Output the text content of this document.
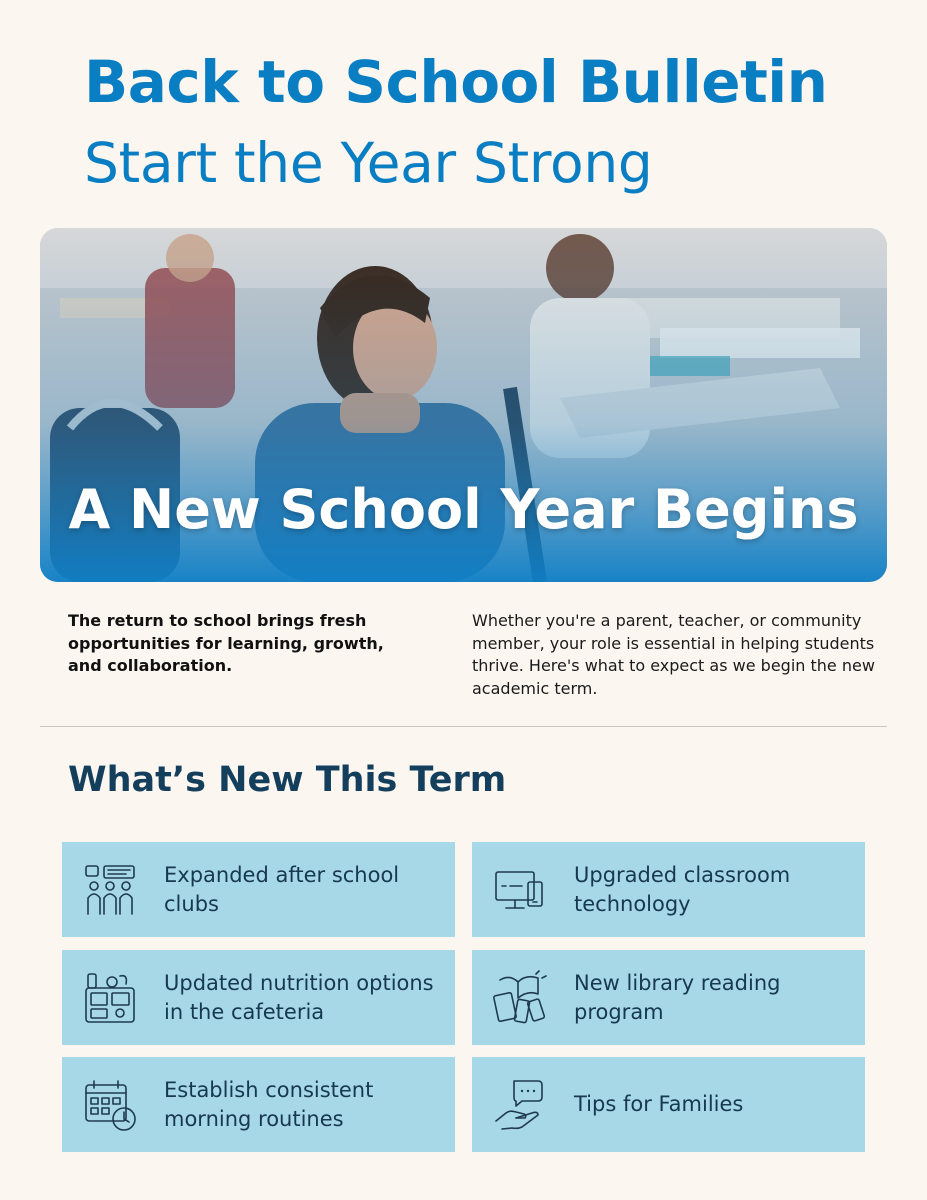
Back to School Bulletin
Start the Year Strong

A New School Year Begins

The return to school brings fresh opportunities for learning, growth, and collaboration.

Whether you're a parent, teacher, or community member, your role is essential in helping students thrive. Here's what to expect as we begin the new academic term.

What’s New This Term
Expanded after school clubs
Upgraded classroom technology
Updated nutrition options in the cafeteria
New library reading program
Establish consistent morning routines
Tips for Families
